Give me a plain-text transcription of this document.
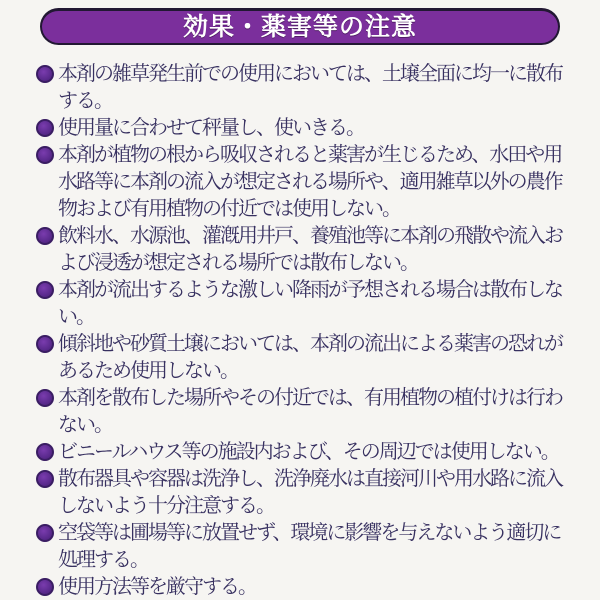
効果・薬害等の注意
本剤の雑草発生前での使用においては、土壌全面に均一に散布する。
使用量に合わせて秤量し、使いきる。
本剤が植物の根から吸収されると薬害が生じるため、水田や用水路等に本剤の流入が想定される場所や、適用雑草以外の農作物および有用植物の付近では使用しない。
飲料水、水源池、灌漑用井戸、養殖池等に本剤の飛散や流入および浸透が想定される場所では散布しない。
本剤が流出するような激しい降雨が予想される場合は散布しない。
傾斜地や砂質土壌においては、本剤の流出による薬害の恐れがあるため使用しない。
本剤を散布した場所やその付近では、有用植物の植付けは行わない。
ビニールハウス等の施設内および、その周辺では使用しない。
散布器具や容器は洗浄し、洗浄廃水は直接河川や用水路に流入しないよう十分注意する。
空袋等は圃場等に放置せず、環境に影響を与えないよう適切に処理する。
使用方法等を厳守する。
